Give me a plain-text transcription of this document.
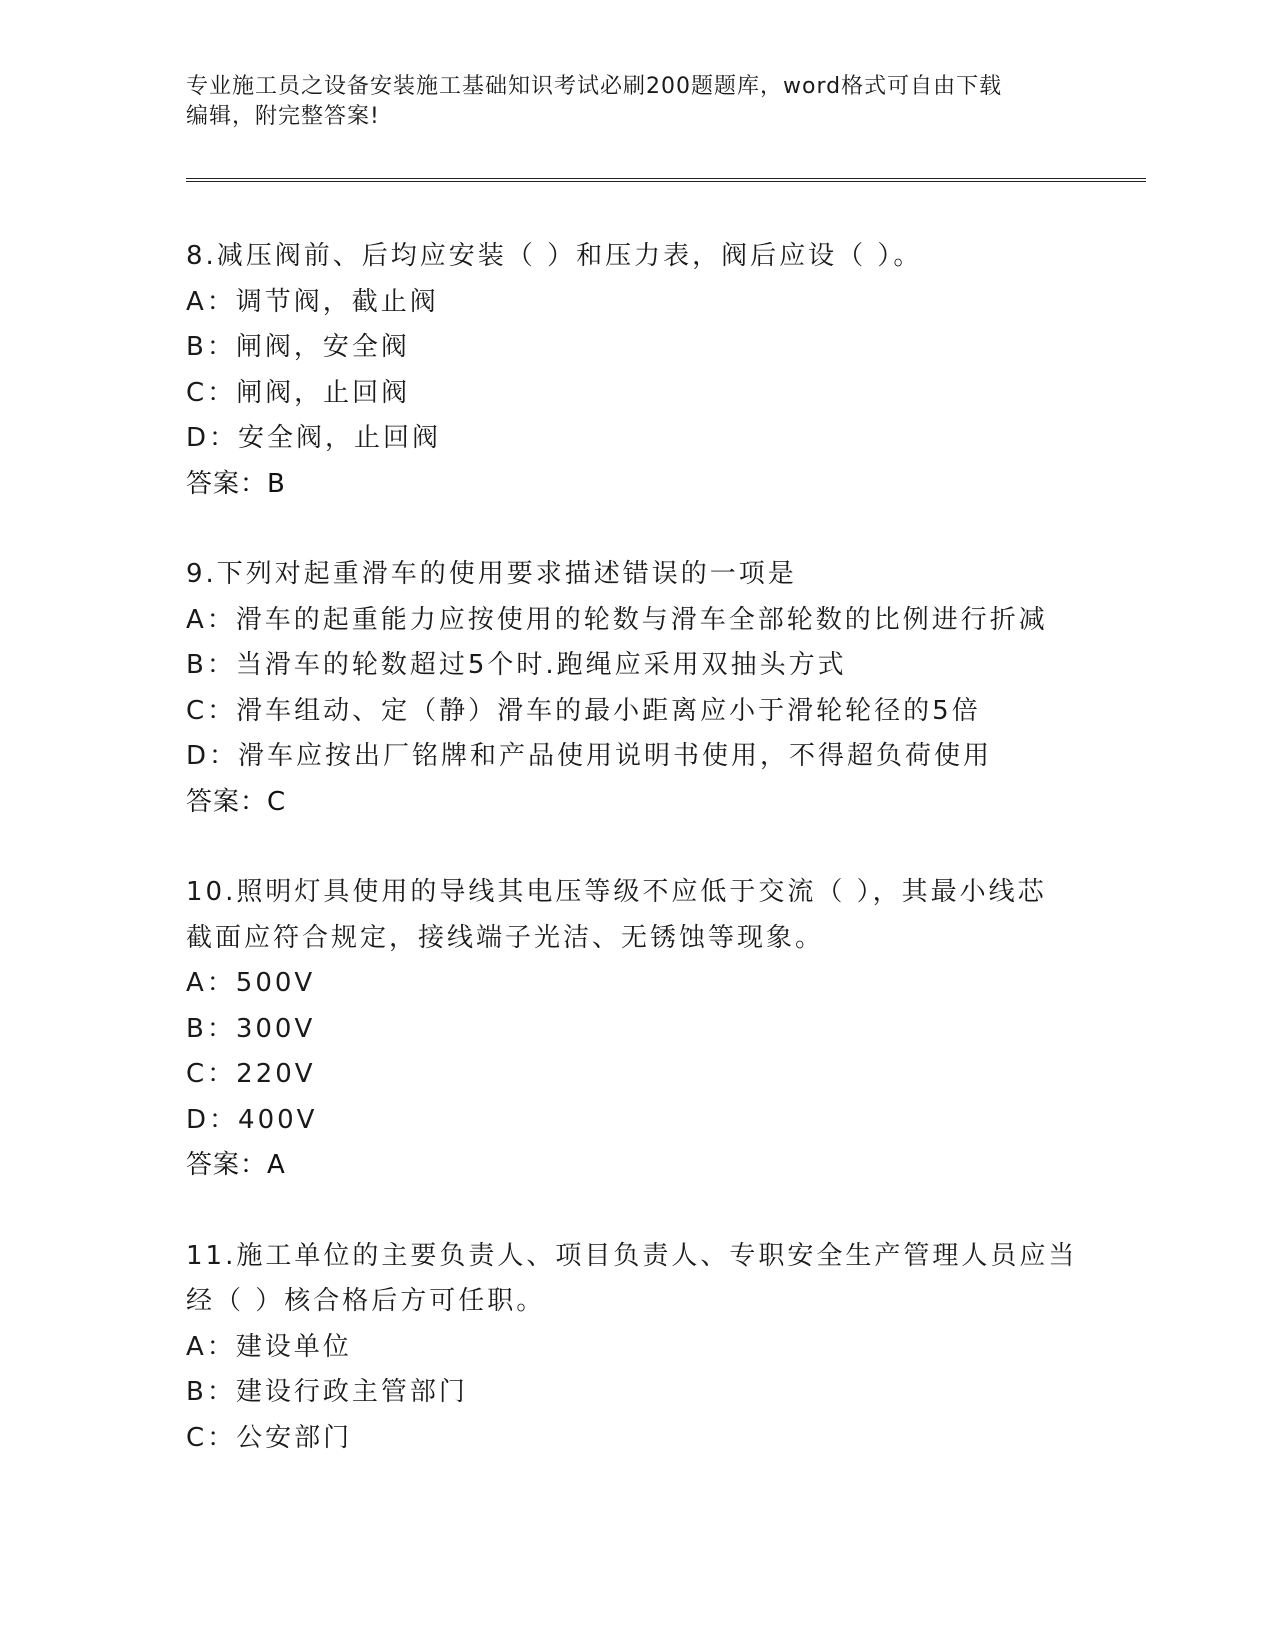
专业施工员之设备安装施工基础知识考试必刷200题题库，word格式可自由下载
编辑，附完整答案!
8.减压阀前、后均应安装（ ）和压力表，阀后应设（ ）。
A：调节阀，截止阀
B：闸阀，安全阀
C：闸阀，止回阀
D：安全阀，止回阀
答案：B
9.下列对起重滑车的使用要求描述错误的一项是
A：滑车的起重能力应按使用的轮数与滑车全部轮数的比例进行折减
B：当滑车的轮数超过5个时.跑绳应采用双抽头方式
C：滑车组动、定（静）滑车的最小距离应小于滑轮轮径的5倍
D：滑车应按出厂铭牌和产品使用说明书使用，不得超负荷使用
答案：C
10.照明灯具使用的导线其电压等级不应低于交流（ ），其最小线芯
截面应符合规定，接线端子光洁、无锈蚀等现象。
A：500V
B：300V
C：220V
D：400V
答案：A
11.施工单位的主要负责人、项目负责人、专职安全生产管理人员应当
经（ ）核合格后方可任职。
A：建设单位
B：建设行政主管部门
C：公安部门
